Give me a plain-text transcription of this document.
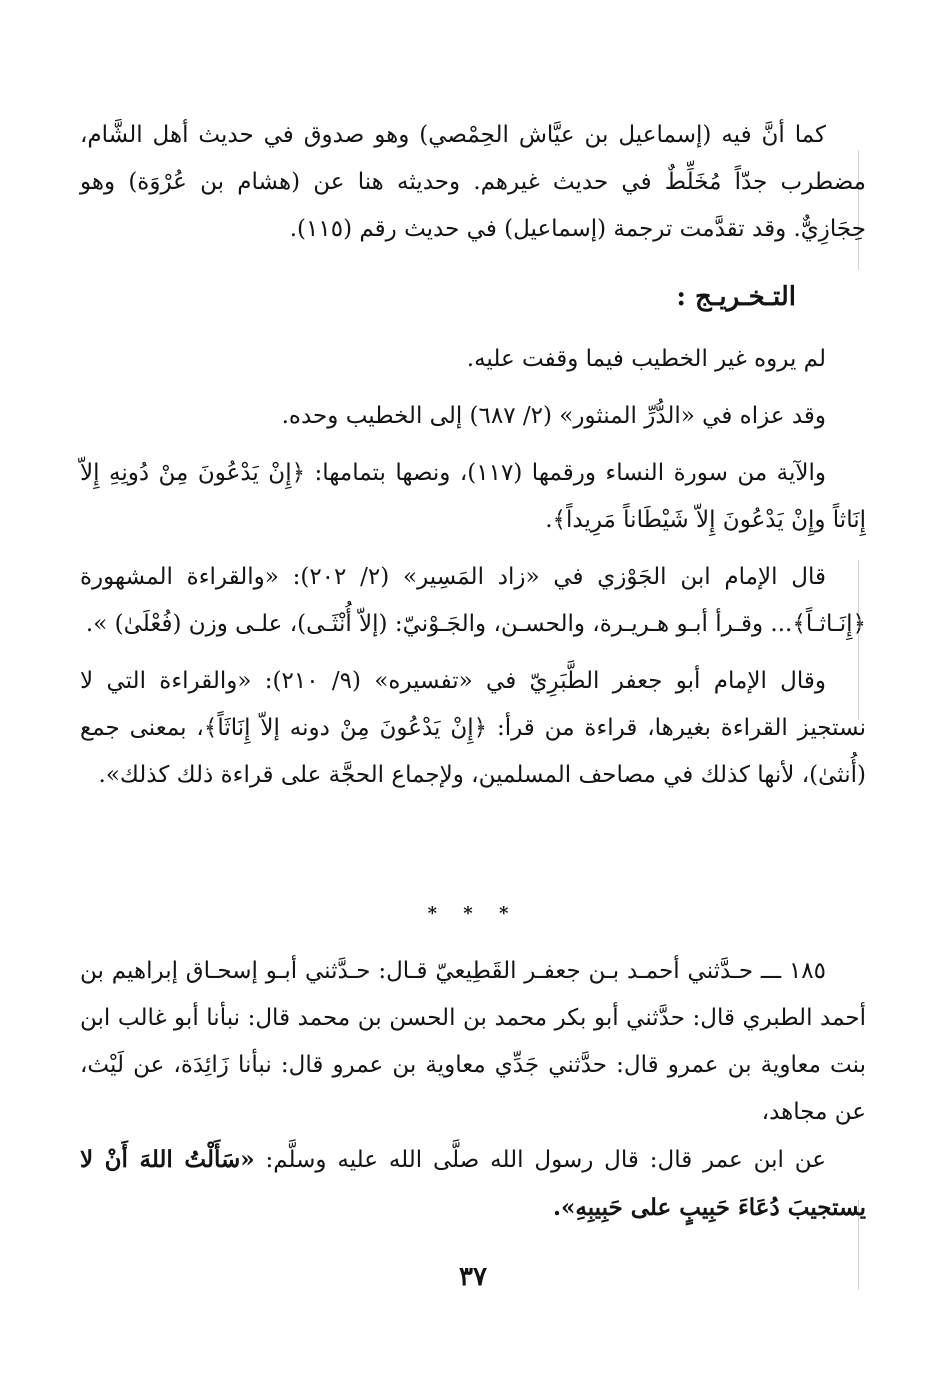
كما أنَّ فيه (إسماعيل بن عيَّاش الحِمْصي) وهو صدوق في حديث أهل الشَّام، مضطرب جدّاً مُخَلِّطٌ في حديث غيرهم. وحديثه هنا عن (هشام بن عُرْوَة) وهو حِجَازِيٌّ. وقد تقدَّمت ترجمة (إسماعيل) في حديث رقم (١١٥).

التـخـريـج :

لم يروه غير الخطيب فيما وقفت عليه.

وقد عزاه في «الدُّرِّ المنثور» (٢/ ٦٨٧) إلى الخطيب وحده.

والآية من سورة النساء ورقمها (١١٧)، ونصها بتمامها: ﴿إِنْ يَدْعُونَ مِنْ دُونِهِ إِلاّ إِنَاثاً وإِنْ يَدْعُونَ إِلاّ شَيْطَاناً مَرِيداً﴾.

قال الإمام ابن الجَوْزي في «زاد المَسِير» (٢/ ٢٠٢): «والقراءة المشهورة ﴿إِنَـاثـاً﴾... وقـرأ أبـو هـريـرة، والحسـن، والجَـوْنيّ: (إلاّ أُنْثَـى)، علـى وزن (فُعْلَىٰ) ».

وقال الإمام أبو جعفر الطَّبَرِيّ في «تفسيره» (٩/ ٢١٠): «والقراءة التي لا نستجيز القراءة بغيرها، قراءة من قرأ: ﴿إِنْ يَدْعُونَ مِنْ دونه إلاّ إِنَاثَاً﴾، بمعنى جمع (أُنثىٰ)، لأنها كذلك في مصاحف المسلمين، ولإجماع الحجَّة على قراءة ذلك كذلك».

* * *

١٨٥ ـــ حـدَّثني أحمـد بـن جعفـر القَطِيعيّ قـال: حـدَّثني أبـو إسحـاق إبراهيم بن أحمد الطبري قال: حدَّثني أبو بكر محمد بن الحسن بن محمد قال: نبأنا أبو غالب ابن بنت معاوية بن عمرو قال: حدَّثني جَدِّي معاوية بن عمرو قال: نبأنا زَائِدَة، عن لَيْث، عن مجاهد،

عن ابن عمر قال: قال رسول الله صلَّى الله عليه وسلَّم: «سَأَلْتُ اللهَ أَنْ لا يستجيبَ دُعَاءَ حَبِيبٍ على حَبِيبِهِ».

٣٧
